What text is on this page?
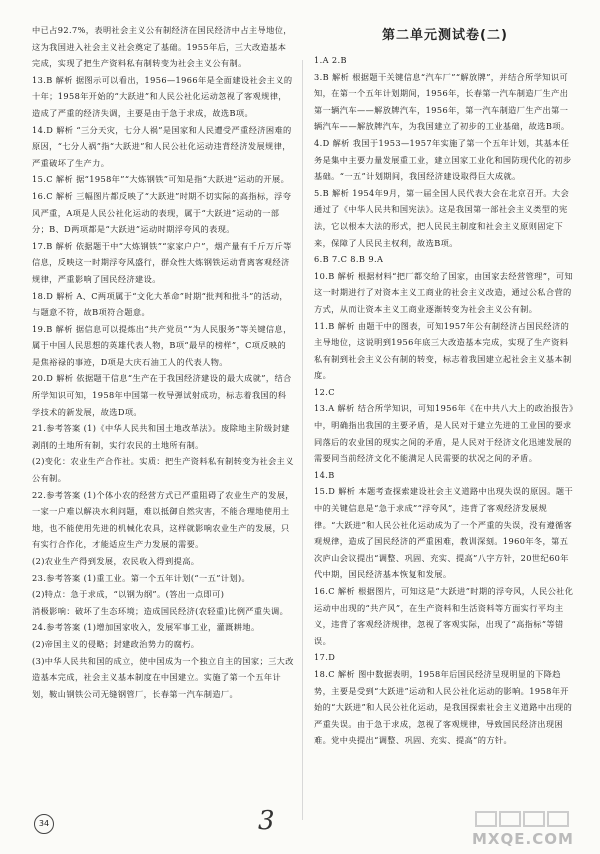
中已占92.7%，表明社会主义公有制经济在国民经济中占主导地位，这为我国进入社会主义社会奠定了基础。1955年后，三大改造基本完成，实现了把生产资料私有制转变为社会主义公有制。

13.B 解析 据图示可以看出，1956—1966年是全面建设社会主义的十年；1958年开始的“大跃进”和人民公社化运动忽视了客观规律，造成了严重的经济失调，主要是由于急于求成，故选B项。

14.D 解析 “三分天灾，七分人祸”是国家和人民遭受严重经济困难的原因，“七分人祸”指“大跃进”和人民公社化运动违背经济发展规律，严重破坏了生产力。

15.C 解析 据“1958年”“大炼钢铁”可知是指“大跃进”运动的开展。

16.C 解析 三幅图片都反映了“大跃进”时期不切实际的高指标，浮夸风严重，A项是人民公社化运动的表现，属于“大跃进”运动的一部分；B、D两项都是“大跃进”运动时期浮夸风的表现。

17.B 解析 依据题干中“大炼钢铁”“家家户户”，烟产量有千斤万斤等信息，反映这一时期浮夸风盛行，群众性大炼钢铁运动背离客观经济规律，严重影响了国民经济建设。

18.D 解析 A、C两项属于“文化大革命”时期“批判和批斗”的活动，与题意不符，故B项符合题意。

19.B 解析 据信息可以提炼出“共产党员”“为人民服务”等关键信息，属于中国人民思想的英雄代表人物，B项“最早的榜样”，C项反映的是焦裕禄的事迹，D项是大庆石油工人的代表人物。

20.D 解析 依据题干信息“生产在于我国经济建设的最大成就”，结合所学知识可知，1958年中国第一枚导弹试射成功，标志着我国的科学技术的新发展，故选D项。

21.参考答案 (1)《中华人民共和国土地改革法》。废除地主阶级封建剥削的土地所有制，实行农民的土地所有制。

(2)变化：农业生产合作社。实质：把生产资料私有制转变为社会主义公有制。

22.参考答案 (1)个体小农的经营方式已严重阻碍了农业生产的发展，一家一户难以解决水利问题，难以抵御自然灾害，不能合理地使用土地，也不能使用先进的机械化农具，这样就影响农业生产的发展，只有实行合作化，才能适应生产力发展的需要。

(2)农业生产得到发展，农民收入得到提高。

23.参考答案 (1)重工业。第一个五年计划(“一五”计划)。

(2)特点：急于求成，“以钢为纲”。(答出一点即可)

消极影响：破坏了生态环境；造成国民经济(农轻重)比例严重失调。

24.参考答案 (1)增加国家收入，发展军事工业，灌溉耕地。

(2)帝国主义的侵略；封建政治势力的腐朽。

(3)中华人民共和国的成立，使中国成为一个独立自主的国家；三大改造基本完成，社会主义基本制度在中国建立。实施了第一个五年计划，鞍山钢铁公司无缝钢管厂，长春第一汽车制造厂。

第二单元测试卷(二)

1.A 2.B

3.B 解析 根据题干关键信息“汽车厂”“解放牌”，并结合所学知识可知，在第一个五年计划期间，1956年，长春第一汽车制造厂生产出第一辆汽车——解放牌汽车，1956年，第一汽车制造厂生产出第一辆汽车——解放牌汽车，为我国建立了初步的工业基础，故选B项。

4.D 解析 我国于1953—1957年实施了第一个五年计划，其基本任务是集中主要力量发展重工业，建立国家工业化和国防现代化的初步基础。“一五”计划期间，我国经济建设取得巨大成就。

5.B 解析 1954年9月，第一届全国人民代表大会在北京召开。大会通过了《中华人民共和国宪法》。这是我国第一部社会主义类型的宪法，它以根本大法的形式，把人民民主制度和社会主义原则固定下来，保障了人民民主权利，故选B项。

6.B 7.C 8.B 9.A

10.B 解析 根据材料“把厂都交给了国家，由国家去经营管理”，可知这一时期进行了对资本主义工商业的社会主义改造，通过公私合营的方式，从而让资本主义工商业逐渐转变为社会主义公有制。

11.B 解析 由题干中的图表，可知1957年公有制经济占国民经济的主导地位，这说明到1956年底三大改造基本完成，实现了生产资料私有制到社会主义公有制的转变，标志着我国建立起社会主义基本制度。

12.C

13.A 解析 结合所学知识，可知1956年《在中共八大上的政治报告》中，明确指出我国的主要矛盾，是人民对于建立先进的工业国的要求同落后的农业国的现实之间的矛盾，是人民对于经济文化迅速发展的需要同当前经济文化不能满足人民需要的状况之间的矛盾。

14.B

15.D 解析 本题考查探索建设社会主义道路中出现失误的原因。题干中的关键信息是“急于求成”“浮夸风”，违背了客观经济发展规律。“大跃进”和人民公社化运动成为了一个严重的失误，没有遵循客观规律，造成了国民经济的严重困难，教训深刻。1960年冬，第五次庐山会议提出“调整、巩固、充实、提高”八字方针，20世纪60年代中期，国民经济基本恢复和发展。

16.C 解析 根据图片，可知这是“大跃进”时期的浮夸风，人民公社化运动中出现的“共产风”，在生产资料和生活资料等方面实行平均主义，违背了客观经济规律，忽视了客观实际，出现了“高指标”等错误。

17.D

18.C 解析 图中数据表明，1958年后国民经济呈现明显的下降趋势，主要是受到“大跃进”运动和人民公社化运动的影响。1958年开始的“大跃进”和人民公社化运动，是我国探索社会主义道路中出现的严重失误。由于急于求成，忽视了客观规律，导致国民经济出现困难。党中央提出“调整、巩固、充实、提高”的方针。

34	3
MXQE.COM
